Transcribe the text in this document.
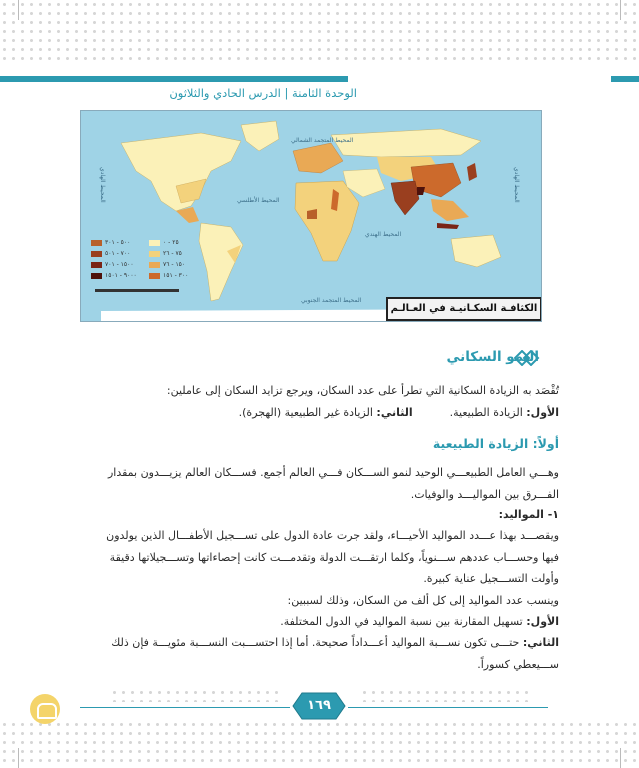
الوحدة الثامنة | الدرس الحادي والثلاثون
المحيط المتجمد الشمالي
المحيط الأطلسي
المحيط الهادي	المحيط الهادي
المحيط الهندي
المحيط المتجمد الجنوبي
٢٥ - ٠
٧٥ - ٢٦
١٥٠ - ٧٦
٣٠٠ - ١٥١
٥٠٠ - ٣٠١
٧٠٠ - ٥٠١
١٥٠٠ - ٧٠١
٩٠٠٠ - ١٥٠١
الكثافـة السكـانيـة في العـالـم
النمو السكاني
تُقْصَد به الزيادة السكانية التي تطرأ على عدد السكان، ويرجع تزايد السكان إلى عاملين:
الأول: الزيادة الطبيعية.  الثاني: الزيادة غير الطبيعية (الهجرة).
أولاً: الزيادة الطبيعية
وهـــي العامل الطبيعـــي الوحيد لنمو الســـكان فـــي العالم أجمع. فســـكان العالم يزيـــدون بمقدار
الفـــرق بين المواليـــد والوفيات.
١- المواليد:
ويقصـــد بهذا عـــدد المواليد الأحيـــاء، ولقد جرت عادة الدول على تســـجيل الأطفـــال الذين يولدون
فيها وحســـاب عددهم ســـنوياً، وكلما ارتقـــت الدولة وتقدمـــت كانت إحصاءاتها وتســـجيلاتها دقيقة
وأولت التســـجيل عناية كبيرة.
وينسب عدد المواليد إلى كل ألف من السكان، وذلك لسببين:
الأول: تسهيل المقارنة بين نسبة المواليد في الدول المختلفة.
الثاني: حتـــى تكون نســـبة المواليد أعـــداداً صحيحة. أما إذا احتســـبت النســـبة مئويـــة فإن ذلك
ســـيعطي كسوراً.
١٦٩
